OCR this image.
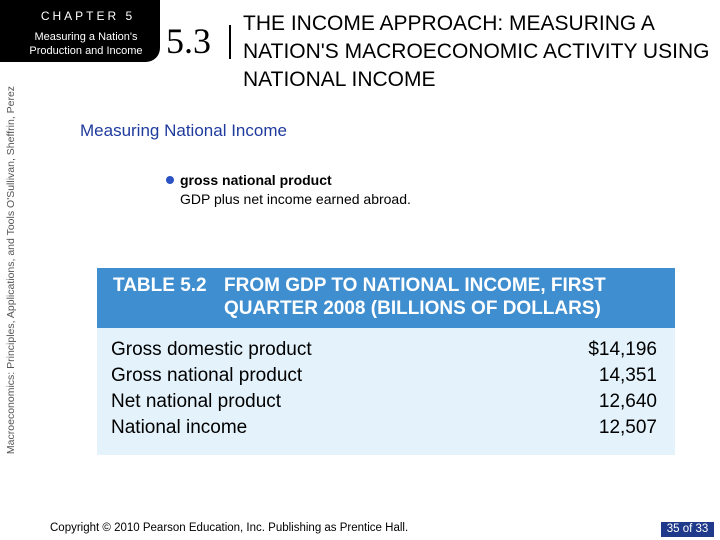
Macroeconomics: Principles, Applications, and Tools O'Sullivan, Sheffrin, Perez
CHAPTER 5
Measuring a Nation's
Production and Income 5.3 THE INCOME APPROACH: MEASURING A NATION'S MACROECONOMIC ACTIVITY USING NATIONAL INCOME
Measuring National Income
gross national product
GDP plus net income earned abroad.
TABLE 5.2 FROM GDP TO NATIONAL INCOME, FIRST QUARTER 2008 (BILLIONS OF DOLLARS)
Gross domestic product	$14,196
Gross national product	14,351
Net national product	12,640
National income	12,507
Copyright © 2010 Pearson Education, Inc. Publishing as Prentice Hall.	35 of 33
